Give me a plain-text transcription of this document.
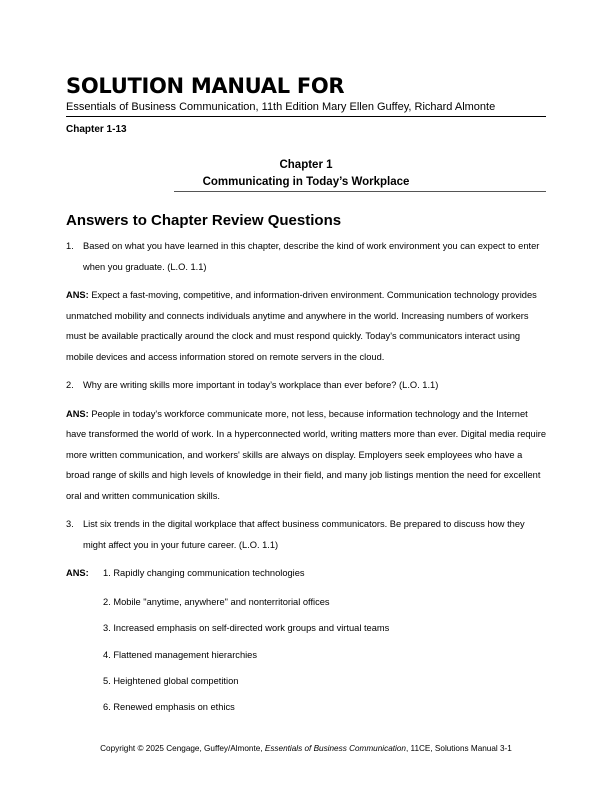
SOLUTION MANUAL FOR

Essentials of Business Communication, 11th Edition Mary Ellen Guffey, Richard Almonte

Chapter 1-13

Chapter 1
Communicating in Today’s Workplace
Answers to Chapter Review Questions
1. Based on what you have learned in this chapter, describe the kind of work environment you can expect to enter when you graduate. (L.O. 1.1)

ANS: Expect a fast-moving, competitive, and information-driven environment. Communication technology provides unmatched mobility and connects individuals anytime and anywhere in the world. Increasing numbers of workers must be available practically around the clock and must respond quickly. Today's communicators interact using mobile devices and access information stored on remote servers in the cloud.

2. Why are writing skills more important in today’s workplace than ever before? (L.O. 1.1)

ANS: People in today's workforce communicate more, not less, because information technology and the Internet have transformed the world of work. In a hyperconnected world, writing matters more than ever. Digital media require more written communication, and workers' skills are always on display. Employers seek employees who have a broad range of skills and high levels of knowledge in their field, and many job listings mention the need for excellent oral and written communication skills.

3. List six trends in the digital workplace that affect business communicators. Be prepared to discuss how they might affect you in your future career. (L.O. 1.1)
ANS:	1. Rapidly changing communication technologies
2. Mobile "anytime, anywhere" and nonterritorial offices
3. Increased emphasis on self-directed work groups and virtual teams
4. Flattened management hierarchies
5. Heightened global competition
6. Renewed emphasis on ethics
Copyright © 2025 Cengage, Guffey/Almonte, Essentials of Business Communication, 11CE, Solutions Manual 3-1
